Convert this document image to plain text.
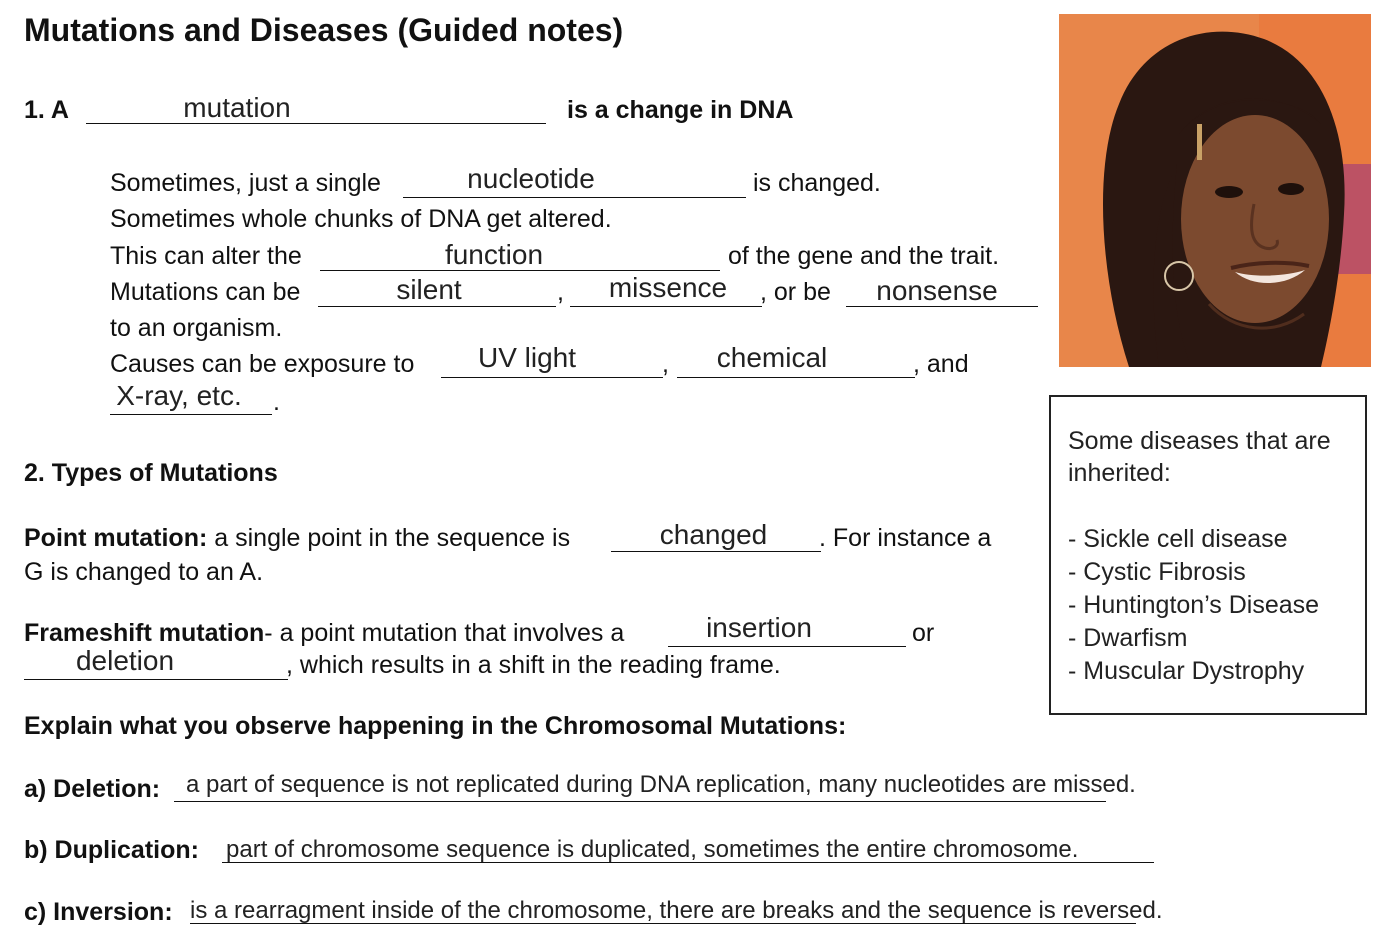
Mutations and Diseases (Guided notes)
1. A	mutation	is a change in DNA
Sometimes, just a single	nucleotide	is changed.
Sometimes whole chunks of DNA get altered.
This can alter the	function	of the gene and the trait.
Mutations can be	silent	,	missence	, or be	nonsense
to an organism.
Causes can be exposure to	UV light	,	chemical	, and
X-ray, etc. .
2. Types of Mutations
Point mutation: a single point in the sequence is	changed	. For instance a
G is changed to an A.
Frameshift mutation- a point mutation that involves a	insertion	or
deletion	, which results in a shift in the reading frame.
Explain what you observe happening in the Chromosomal Mutations:
a) Deletion: a part of sequence is not replicated during DNA replication, many nucleotides are missed.
b) Duplication: part of chromosome sequence is duplicated, sometimes the entire chromosome.
c) Inversion: is a rearragment inside of the chromosome, there are breaks and the sequence is reversed.
Some diseases that are
inherited:
- Sickle cell disease
- Cystic Fibrosis
- Huntington’s Disease
- Dwarfism
- Muscular Dystrophy
